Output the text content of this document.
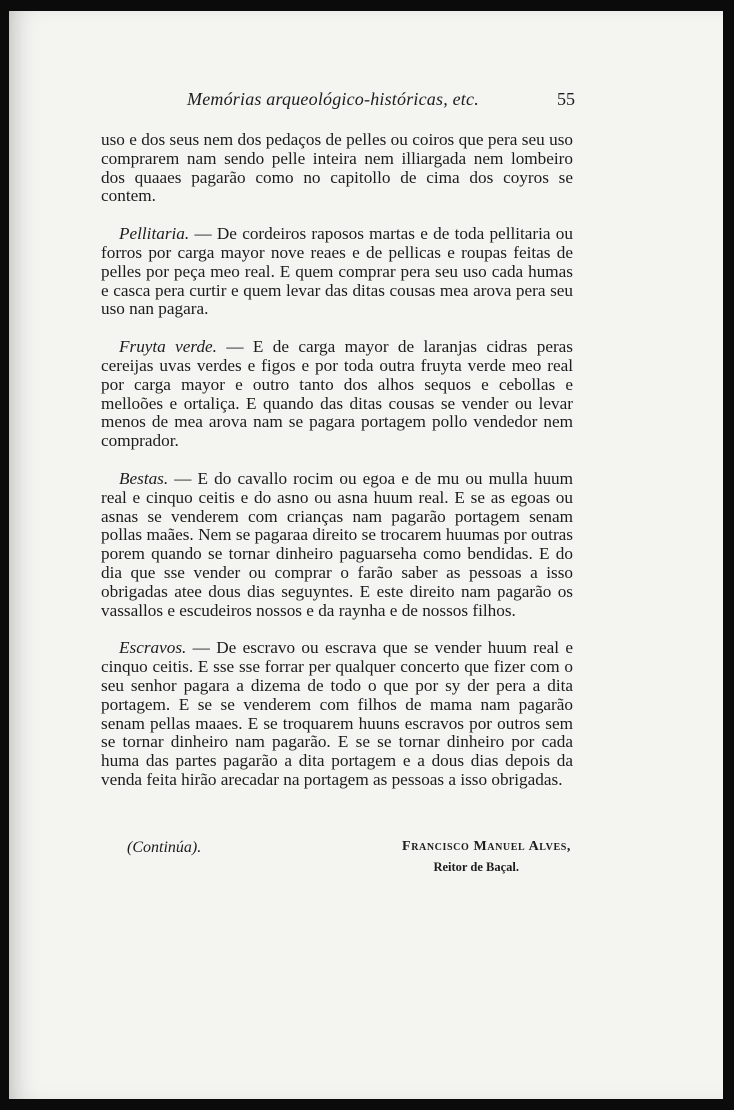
Memórias arqueológico-históricas, etc.	55

uso e dos seus nem dos pedaços de pelles ou coiros que pera seu uso comprarem nam sendo pelle inteira nem illiargada nem lombeiro dos quaaes pagarão como no capitollo de cima dos coyros se contem.

Pellitaria. — De cordeiros raposos martas e de toda pellitaria ou forros por carga mayor nove reaes e de pellicas e roupas feitas de pelles por peça meo real. E quem comprar pera seu uso cada humas e casca pera curtir e quem levar das ditas cousas mea arova pera seu uso nan pagara.

Fruyta verde. — E de carga mayor de laranjas cidras peras cereijas uvas verdes e figos e por toda outra fruyta verde meo real por carga mayor e outro tanto dos alhos sequos e cebollas e melloões e ortaliça. E quando das ditas cousas se vender ou levar menos de mea arova nam se pagara portagem pollo vendedor nem comprador.

Bestas. — E do cavallo rocim ou egoa e de mu ou mulla huum real e cinquo ceitis e do asno ou asna huum real. E se as egoas ou asnas se venderem com crianças nam pagarão portagem senam pollas maães. Nem se pagaraa direito se trocarem huumas por outras porem quando se tornar dinheiro paguarseha como bendidas. E do dia que sse vender ou comprar o farão saber as pessoas a isso obrigadas atee dous dias seguyntes. E este direito nam pagarão os vassallos e escudeiros nossos e da raynha e de nossos filhos.

Escravos. — De escravo ou escrava que se vender huum real e cinquo ceitis. E sse sse forrar per qualquer concerto que fizer com o seu senhor pagara a dizema de todo o que por sy der pera a dita portagem. E se se venderem com filhos de mama nam pagarão senam pellas maaes. E se troquarem huuns escravos por outros sem se tornar dinheiro nam pagarão. E se se tornar dinheiro por cada huma das partes pagarão a dita portagem e a dous dias depois da venda feita hirão arecadar na portagem as pessoas a isso obrigadas.

(Continúa).	Francisco Manuel Alves,
Reitor de Baçal.
